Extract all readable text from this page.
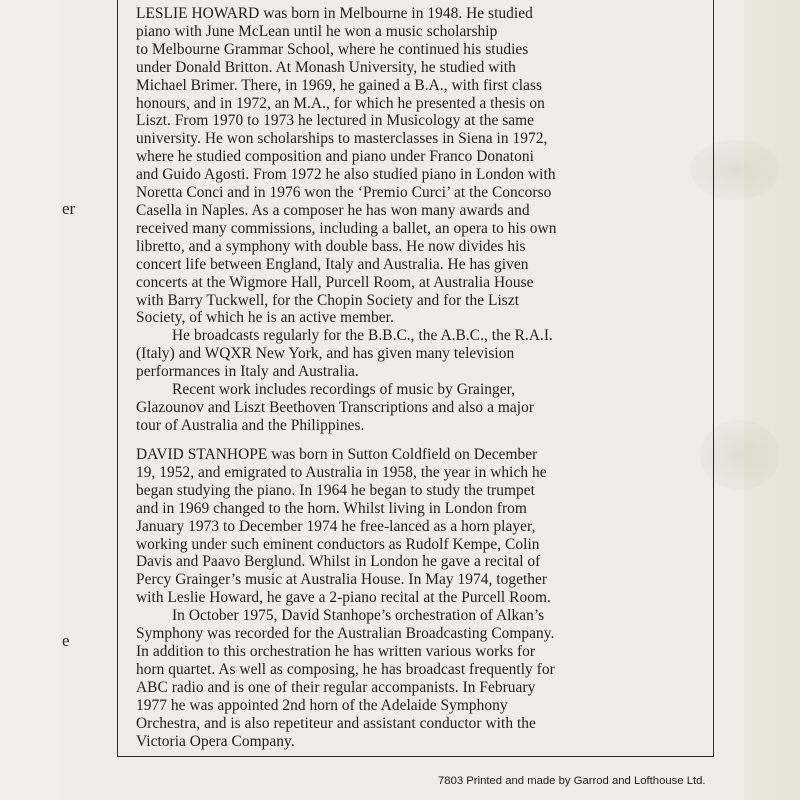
er
e
LESLIE HOWARD was born in Melbourne in 1948. He studied
piano with June McLean until he won a music scholarship
to Melbourne Grammar School, where he continued his studies
under Donald Britton. At Monash University, he studied with
Michael Brimer. There, in 1969, he gained a B.A., with first class
honours, and in 1972, an M.A., for which he presented a thesis on
Liszt. From 1970 to 1973 he lectured in Musicology at the same
university. He won scholarships to masterclasses in Siena in 1972,
where he studied composition and piano under Franco Donatoni
and Guido Agosti. From 1972 he also studied piano in London with
Noretta Conci and in 1976 won the ‘Premio Curci’ at the Concorso
Casella in Naples. As a composer he has won many awards and
received many commissions, including a ballet, an opera to his own
libretto, and a symphony with double bass. He now divides his
concert life between England, Italy and Australia. He has given
concerts at the Wigmore Hall, Purcell Room, at Australia House
with Barry Tuckwell, for the Chopin Society and for the Liszt
Society, of which he is an active member.
He broadcasts regularly for the B.B.C., the A.B.C., the R.A.I.
(Italy) and WQXR New York, and has given many television
performances in Italy and Australia.
Recent work includes recordings of music by Grainger,
Glazounov and Liszt Beethoven Transcriptions and also a major
tour of Australia and the Philippines.
DAVID STANHOPE was born in Sutton Coldfield on December
19, 1952, and emigrated to Australia in 1958, the year in which he
began studying the piano. In 1964 he began to study the trumpet
and in 1969 changed to the horn. Whilst living in London from
January 1973 to December 1974 he free-lanced as a horn player,
working under such eminent conductors as Rudolf Kempe, Colin
Davis and Paavo Berglund. Whilst in London he gave a recital of
Percy Grainger’s music at Australia House. In May 1974, together
with Leslie Howard, he gave a 2-piano recital at the Purcell Room.
In October 1975, David Stanhope’s orchestration of Alkan’s
Symphony was recorded for the Australian Broadcasting Company.
In addition to this orchestration he has written various works for
horn quartet. As well as composing, he has broadcast frequently for
ABC radio and is one of their regular accompanists. In February
1977 he was appointed 2nd horn of the Adelaide Symphony
Orchestra, and is also repetiteur and assistant conductor with the
Victoria Opera Company.
7803 Printed and made by Garrod and Lofthouse Ltd.
